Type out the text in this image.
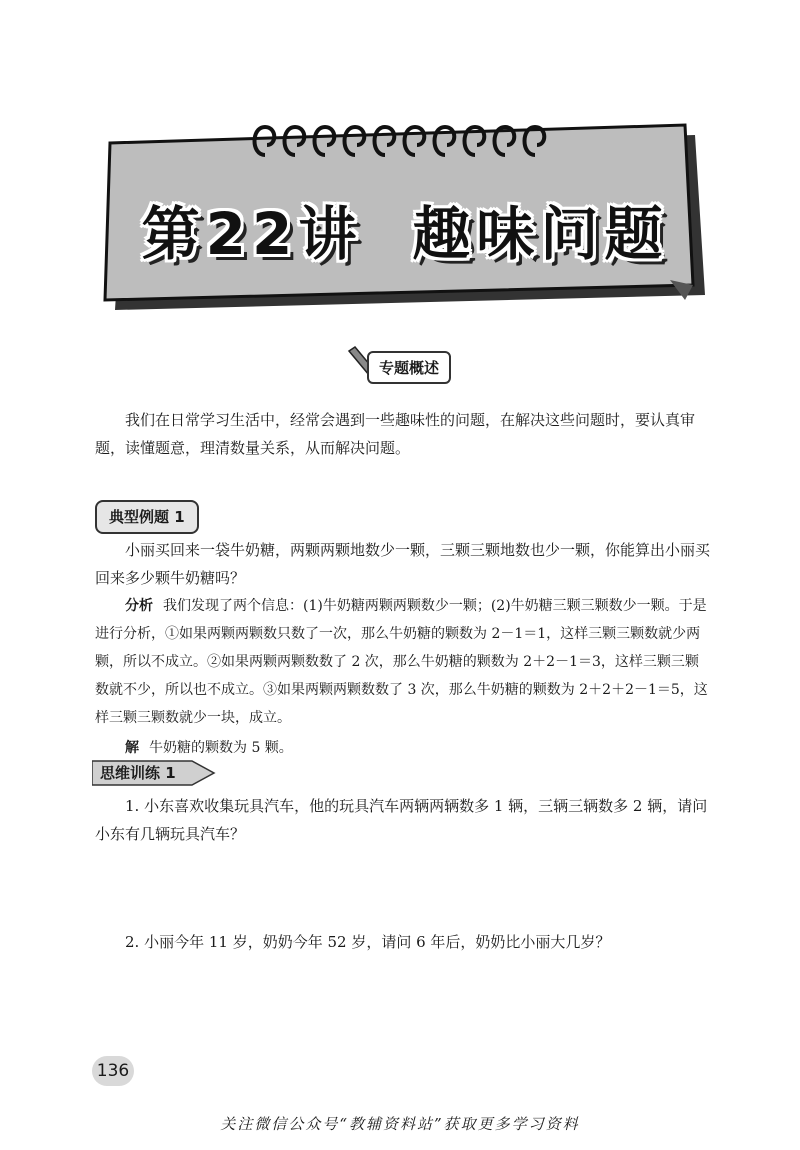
第22讲 趣味问题
专题概述
我们在日常学习生活中，经常会遇到一些趣味性的问题，在解决这些问题时，要认真审题，读懂题意，理清数量关系，从而解决问题。
典型例题 1
小丽买回来一袋牛奶糖，两颗两颗地数少一颗，三颗三颗地数也少一颗，你能算出小丽买回来多少颗牛奶糖吗？
分析 我们发现了两个信息：(1)牛奶糖两颗两颗数少一颗；(2)牛奶糖三颗三颗数少一颗。于是进行分析，①如果两颗两颗数只数了一次，那么牛奶糖的颗数为 2－1＝1，这样三颗三颗数就少两颗，所以不成立。②如果两颗两颗数数了 2 次，那么牛奶糖的颗数为 2＋2－1＝3，这样三颗三颗数就不少，所以也不成立。③如果两颗两颗数数了 3 次，那么牛奶糖的颗数为 2＋2＋2－1＝5，这样三颗三颗数就少一块，成立。
解 牛奶糖的颗数为 5 颗。
思维训练 1
1. 小东喜欢收集玩具汽车，他的玩具汽车两辆两辆数多 1 辆，三辆三辆数多 2 辆，请问小东有几辆玩具汽车？
2. 小丽今年 11 岁，奶奶今年 52 岁，请问 6 年后，奶奶比小丽大几岁？
136
关注微信公众号“教辅资料站”获取更多学习资料
